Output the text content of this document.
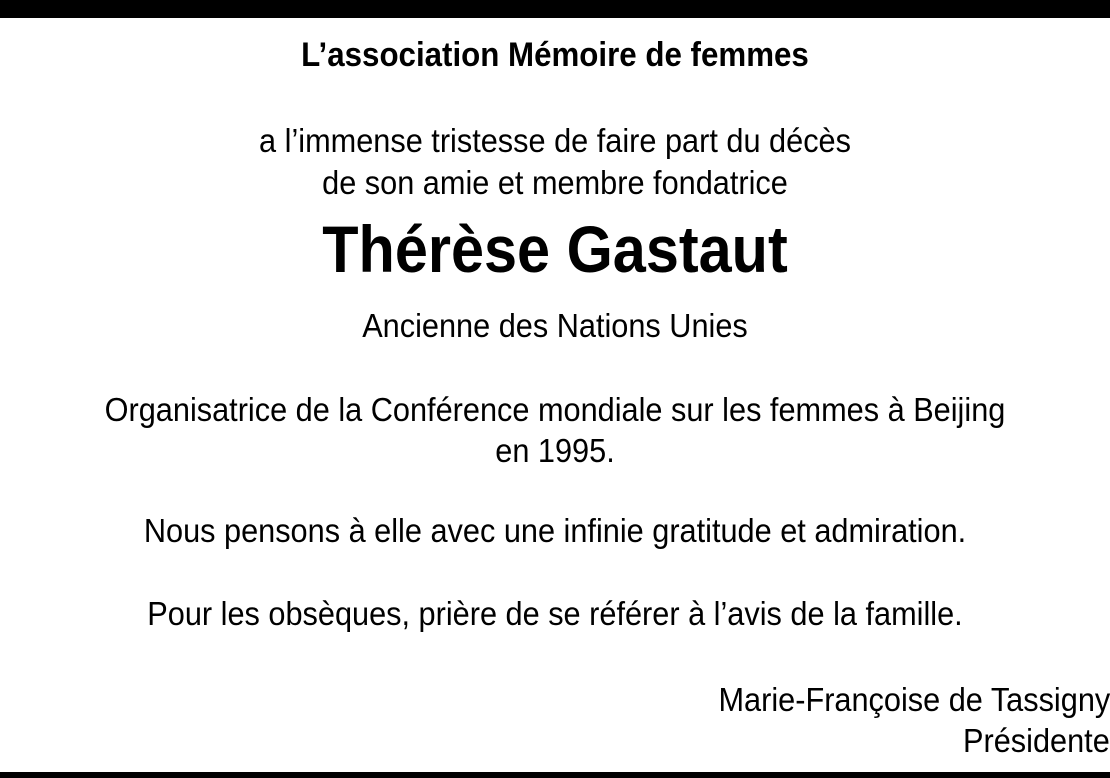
L’association Mémoire de femmes
a l’immense tristesse de faire part du décès
de son amie et membre fondatrice
Thérèse Gastaut
Ancienne des Nations Unies
Organisatrice de la Conférence mondiale sur les femmes à Beijing
en 1995.
Nous pensons à elle avec une infinie gratitude et admiration.
Pour les obsèques, prière de se référer à l’avis de la famille.
Marie-Françoise de Tassigny
Présidente
